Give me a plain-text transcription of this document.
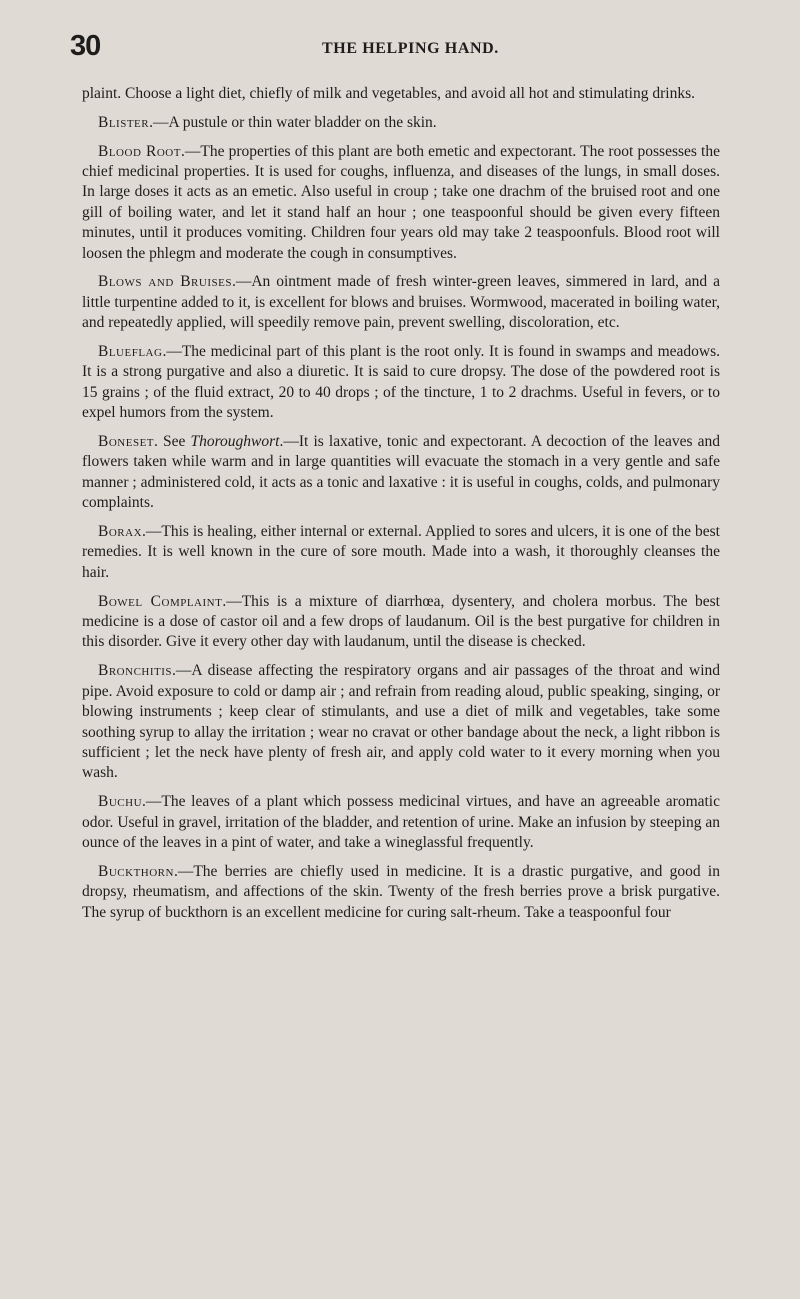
30	THE HELPING HAND.

plaint. Choose a light diet, chiefly of milk and vegetables, and avoid all hot and stimulating drinks.

Blister.—A pustule or thin water bladder on the skin.

Blood Root.—The properties of this plant are both emetic and expectorant. The root possesses the chief medicinal properties. It is used for coughs, influenza, and diseases of the lungs, in small doses. In large doses it acts as an emetic. Also useful in croup ; take one drachm of the bruised root and one gill of boiling water, and let it stand half an hour ; one teaspoonful should be given every fifteen minutes, until it produces vomiting. Children four years old may take 2 teaspoonfuls. Blood root will loosen the phlegm and moderate the cough in consumptives.

Blows and Bruises.—An ointment made of fresh winter-green leaves, simmered in lard, and a little turpentine added to it, is excellent for blows and bruises. Wormwood, macerated in boiling water, and repeatedly applied, will speedily remove pain, prevent swelling, discoloration, etc.

Blueflag.—The medicinal part of this plant is the root only. It is found in swamps and meadows. It is a strong purgative and also a diuretic. It is said to cure dropsy. The dose of the powdered root is 15 grains ; of the fluid extract, 20 to 40 drops ; of the tincture, 1 to 2 drachms. Useful in fevers, or to expel humors from the system.

Boneset. See Thoroughwort.—It is laxative, tonic and expectorant. A decoction of the leaves and flowers taken while warm and in large quantities will evacuate the stomach in a very gentle and safe manner ; administered cold, it acts as a tonic and laxative : it is useful in coughs, colds, and pulmonary complaints.

Borax.—This is healing, either internal or external. Applied to sores and ulcers, it is one of the best remedies. It is well known in the cure of sore mouth. Made into a wash, it thoroughly cleanses the hair.

Bowel Complaint.—This is a mixture of diarrhœa, dysentery, and cholera morbus. The best medicine is a dose of castor oil and a few drops of laudanum. Oil is the best purgative for children in this disorder. Give it every other day with laudanum, until the disease is checked.

Bronchitis.—A disease affecting the respiratory organs and air passages of the throat and wind pipe. Avoid exposure to cold or damp air ; and refrain from reading aloud, public speaking, singing, or blowing instruments ; keep clear of stimulants, and use a diet of milk and vegetables, take some soothing syrup to allay the irritation ; wear no cravat or other bandage about the neck, a light ribbon is sufficient ; let the neck have plenty of fresh air, and apply cold water to it every morning when you wash.

Buchu.—The leaves of a plant which possess medicinal virtues, and have an agreeable aromatic odor. Useful in gravel, irritation of the bladder, and retention of urine. Make an infusion by steeping an ounce of the leaves in a pint of water, and take a wineglassful frequently.

Buckthorn.—The berries are chiefly used in medicine. It is a drastic purgative, and good in dropsy, rheumatism, and affections of the skin. Twenty of the fresh berries prove a brisk purgative. The syrup of buckthorn is an excellent medicine for curing salt-rheum. Take a teaspoonful four
